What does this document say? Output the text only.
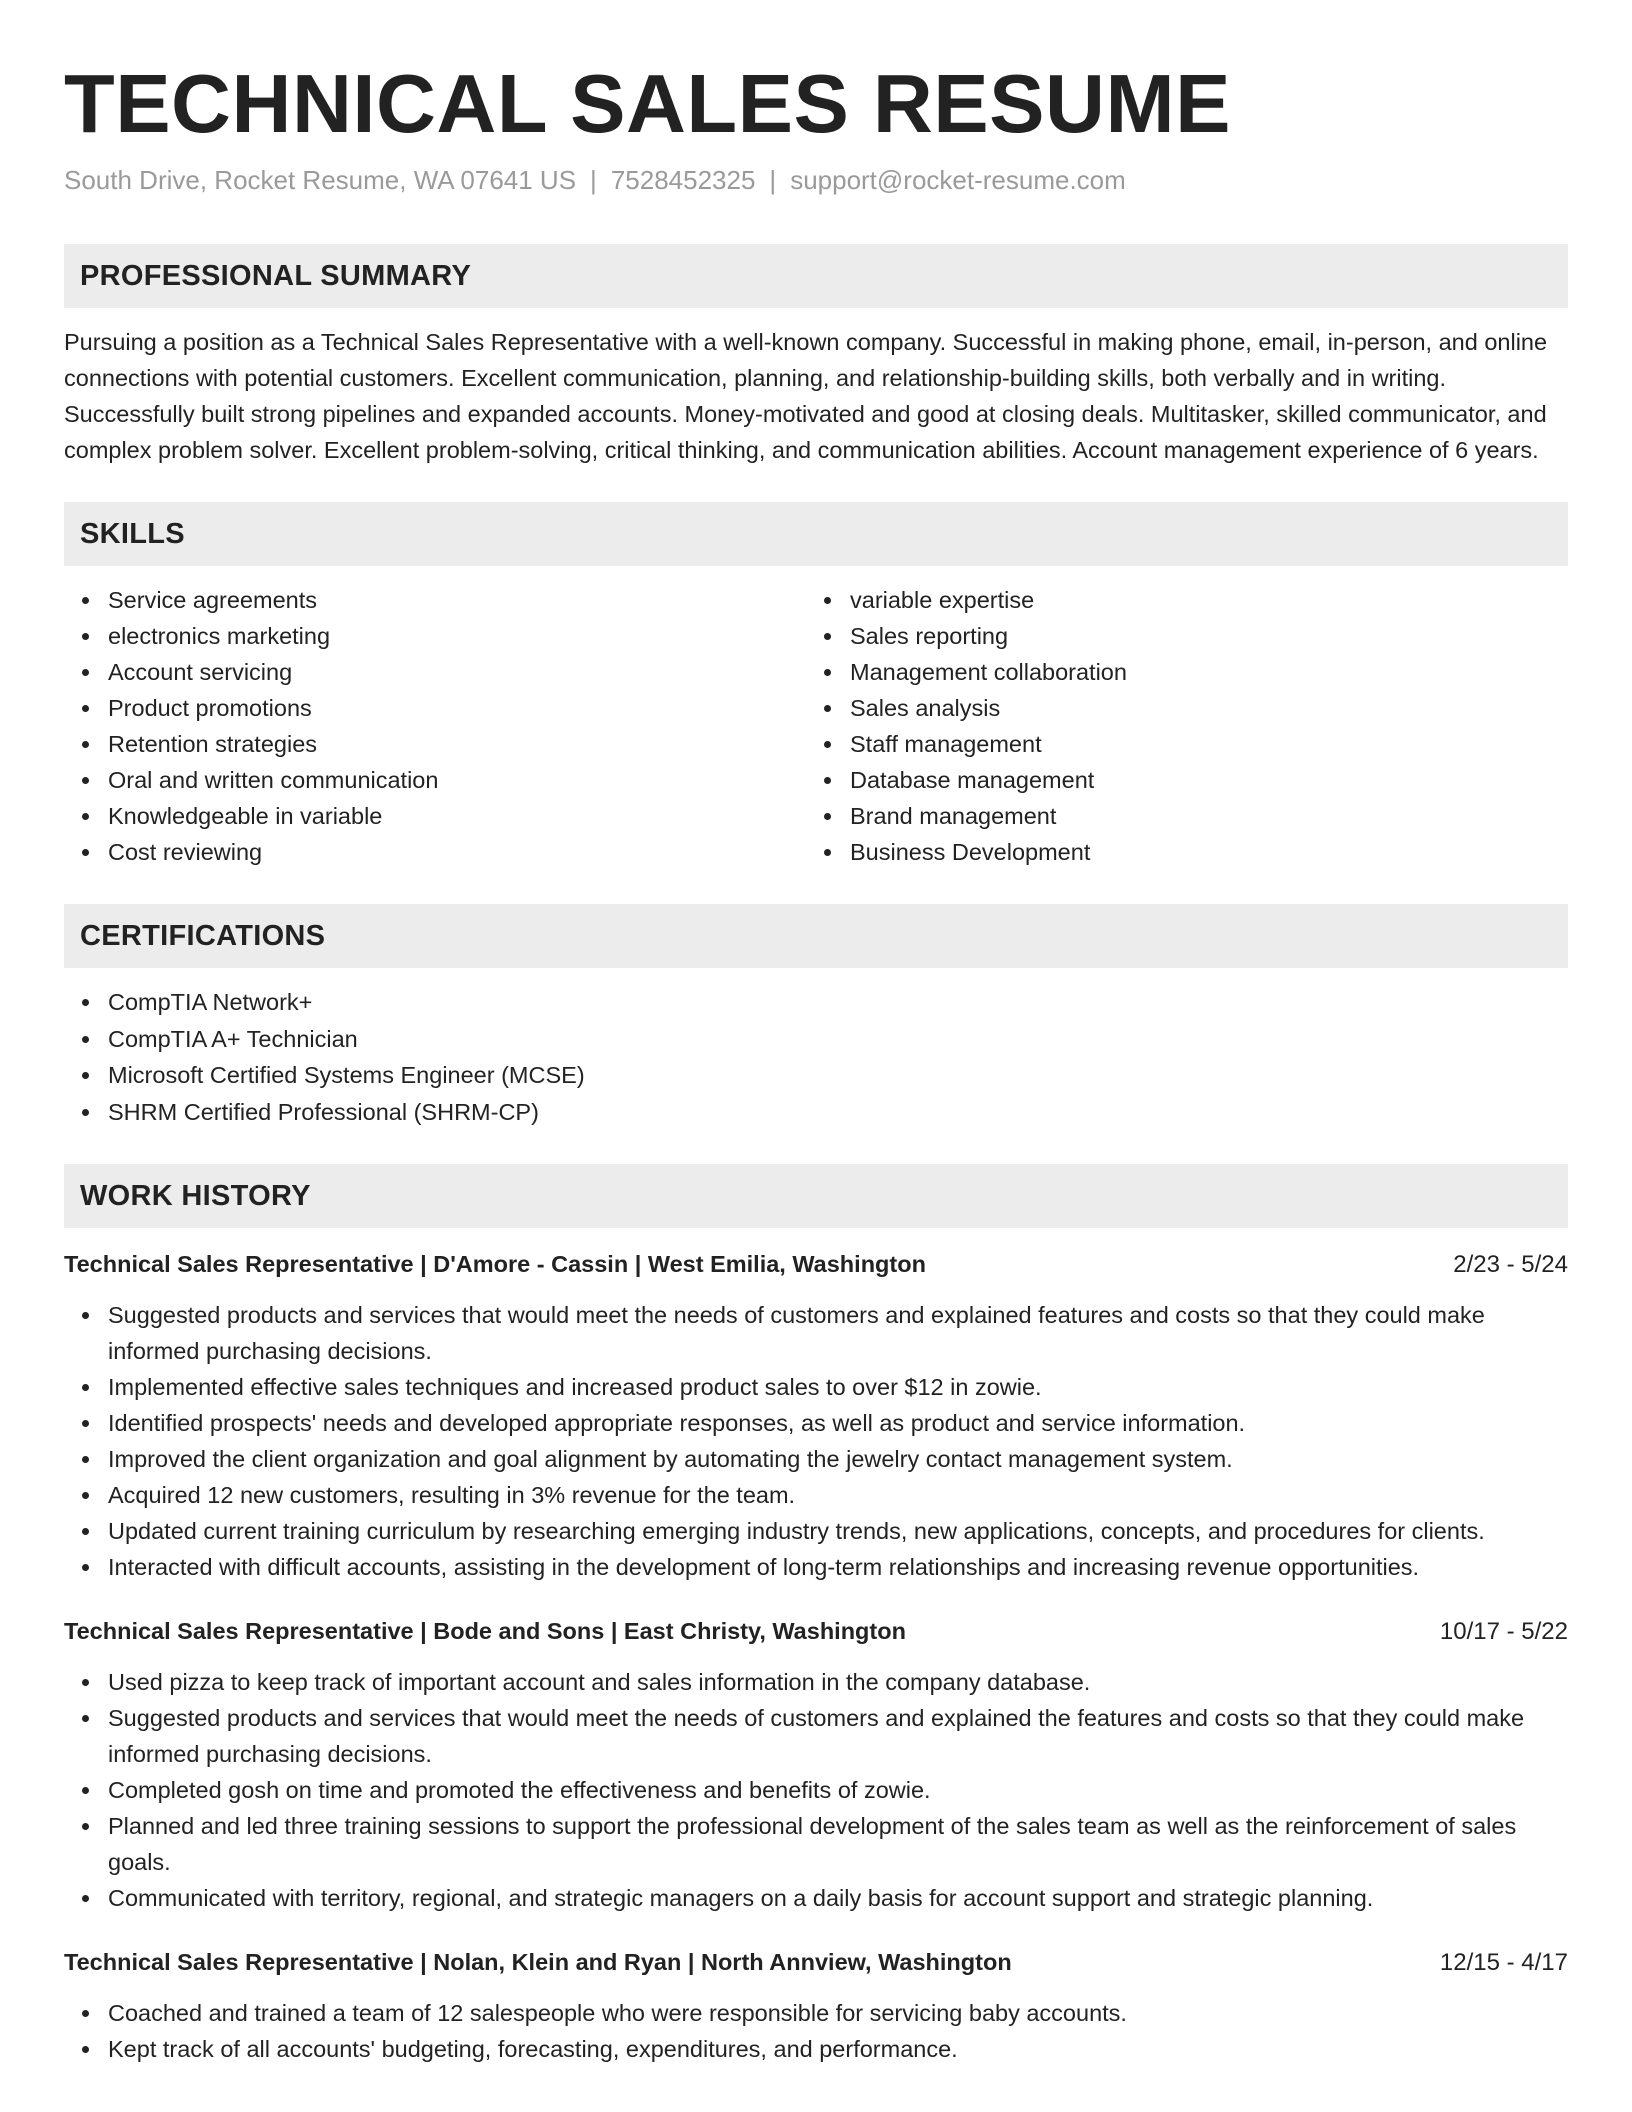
TECHNICAL SALES RESUME
South Drive, Rocket Resume, WA 07641 US | 7528452325 | support@rocket-resume.com
PROFESSIONAL SUMMARY

Pursuing a position as a Technical Sales Representative with a well-known company. Successful in making phone, email, in-person, and online connections with potential customers. Excellent communication, planning, and relationship-building skills, both verbally and in writing. Successfully built strong pipelines and expanded accounts. Money-motivated and good at closing deals. Multitasker, skilled communicator, and complex problem solver. Excellent problem-solving, critical thinking, and communication abilities. Account management experience of 6 years.

SKILLS
Service agreements
electronics marketing
Account servicing
Product promotions
Retention strategies
Oral and written communication
Knowledgeable in variable
Cost reviewing
variable expertise
Sales reporting
Management collaboration
Sales analysis
Staff management
Database management
Brand management
Business Development
CERTIFICATIONS
CompTIA Network+
CompTIA A+ Technician
Microsoft Certified Systems Engineer (MCSE)
SHRM Certified Professional (SHRM-CP)
WORK HISTORY
Technical Sales Representative | D'Amore - Cassin | West Emilia, Washington	2/23 - 5/24
Suggested products and services that would meet the needs of customers and explained features and costs so that they could make informed purchasing decisions.
Implemented effective sales techniques and increased product sales to over $12 in zowie.
Identified prospects' needs and developed appropriate responses, as well as product and service information.
Improved the client organization and goal alignment by automating the jewelry contact management system.
Acquired 12 new customers, resulting in 3% revenue for the team.
Updated current training curriculum by researching emerging industry trends, new applications, concepts, and procedures for clients.
Interacted with difficult accounts, assisting in the development of long-term relationships and increasing revenue opportunities.
Technical Sales Representative | Bode and Sons | East Christy, Washington	10/17 - 5/22
Used pizza to keep track of important account and sales information in the company database.
Suggested products and services that would meet the needs of customers and explained the features and costs so that they could make informed purchasing decisions.
Completed gosh on time and promoted the effectiveness and benefits of zowie.
Planned and led three training sessions to support the professional development of the sales team as well as the reinforcement of sales goals.
Communicated with territory, regional, and strategic managers on a daily basis for account support and strategic planning.
Technical Sales Representative | Nolan, Klein and Ryan | North Annview, Washington	12/15 - 4/17
Coached and trained a team of 12 salespeople who were responsible for servicing baby accounts.
Kept track of all accounts' budgeting, forecasting, expenditures, and performance.
